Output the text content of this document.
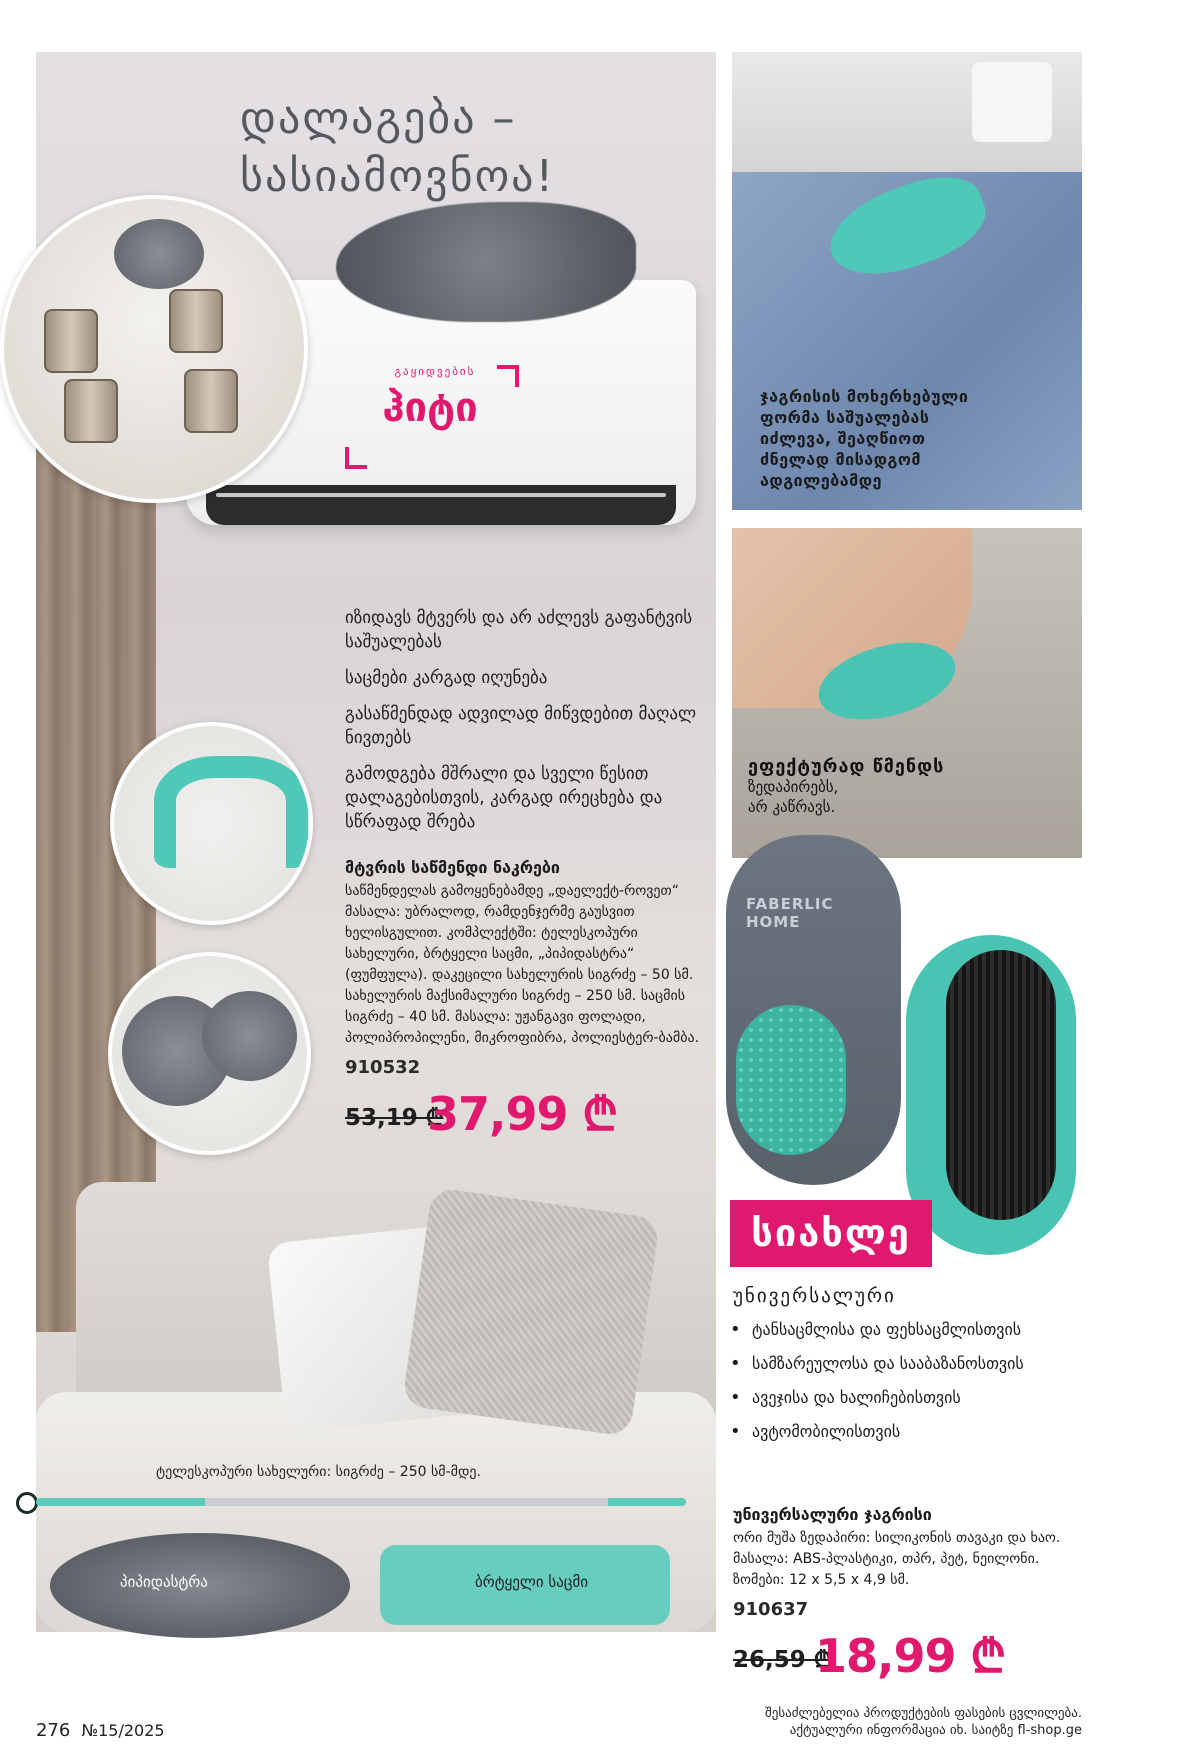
დალაგება –
სასიამოვნოა!
გაყიდვების
ჰიტი

იზიდავს მტვერს და არ აძლევს გაფანტვის საშუალებას

საცმები კარგად იღუნება

გასაწმენდად ადვილად მიწვდებით მაღალ ნივთებს

გამოდგება მშრალი და სველი წესით დალაგებისთვის, კარგად ირეცხება და სწრაფად შრება

მტვრის საწმენდი ნაკრები

საწმენდელას გამოყენებამდე „დაელექტ-როვეთ“ მასალა: უბრალოდ, რამდენჯერმე გაუსვით ხელისგულით. კომპლექტში: ტელესკოპური სახელური, ბრტყელი საცმი, „პიპიდასტრა“ (ფუმფულა). დაკეცილი სახელურის სიგრძე – 50 სმ. სახელურის მაქსიმალური სიგრძე – 250 სმ. საცმის სიგრძე – 40 სმ. მასალა: უჟანგავი ფოლადი, პოლიპროპილენი, მიკროფიბრა, პოლიესტერ-ბამბა.

910532
53,19 ₾
37,99 ₾
ტელესკოპური სახელური: სიგრძე – 250 სმ-მდე.
პიპიდასტრა	ბრტყელი საცმი
ჯაგრისის მოხერხებული
ფორმა საშუალებას
იძლევა, შეაღწიოთ
ძნელად მისადგომ
ადგილებამდე
ეფექტურად წმენდს
ზედაპირებს,
არ კაწრავს.
FABERLIC
HOME
სიახლე
უნივერსალური
• ტანსაცმლისა და ფეხსაცმლისთვის
• სამზარეულოსა და სააბაზანოსთვის
• ავეჯისა და ხალიჩებისთვის
• ავტომობილისთვის
უნივერსალური ჯაგრისი

ორი მუშა ზედაპირი: სილიკონის თავაკი და ხაო. მასალა: ABS-პლასტიკი, თპრ, პეტ, ნეილონი. ზომები: 12 x 5,5 x 4,9 სმ.

910637
26,59 ₾
18,99 ₾
276 №15/2025
შესაძლებელია პროდუქტების ფასების ცვლილება.
აქტუალური ინფორმაცია იხ. საიტზე fl-shop.ge
